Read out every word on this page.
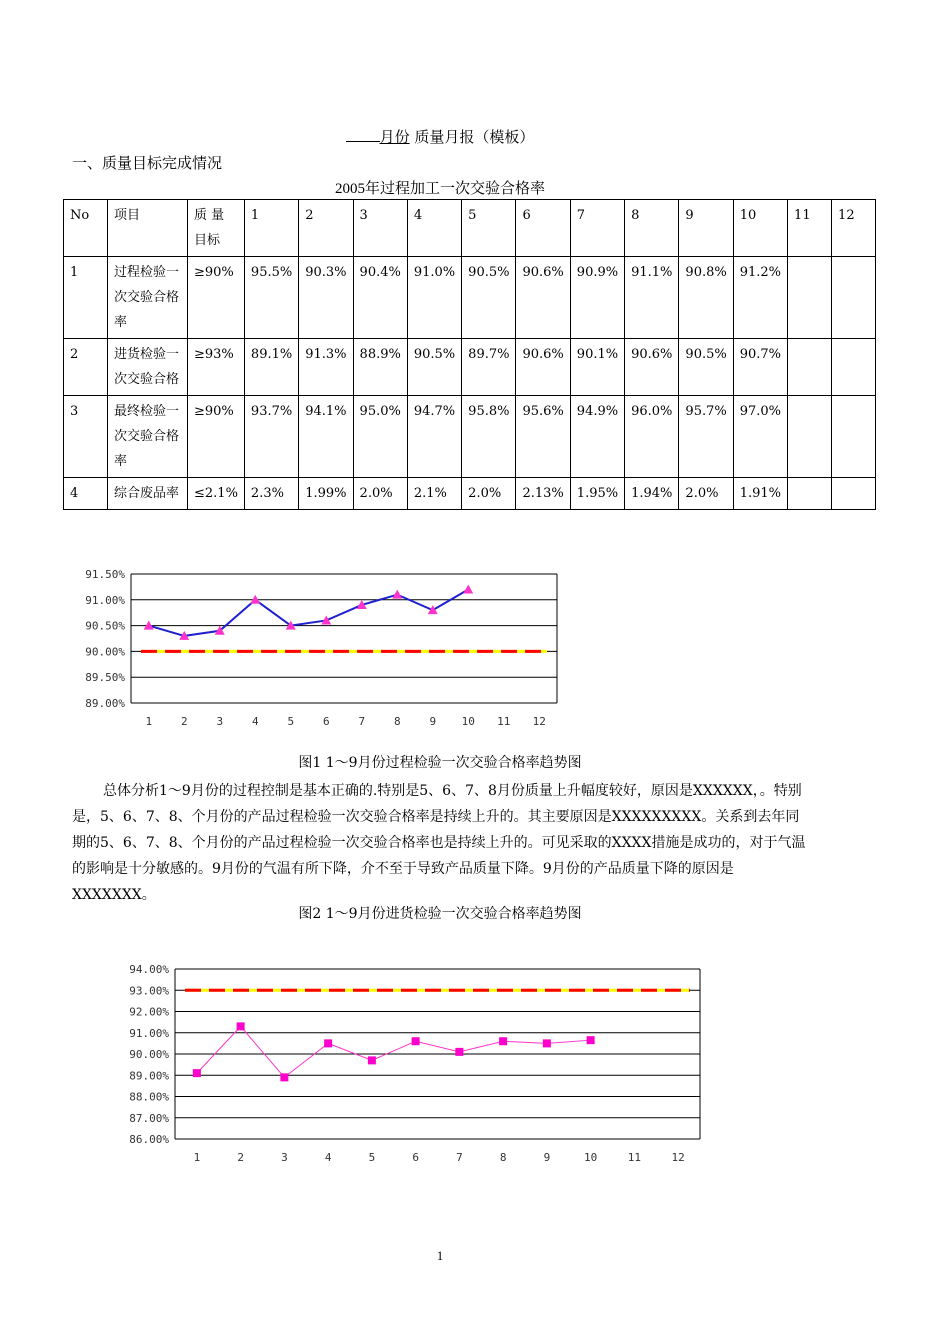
月份 质量月报（模板）
一、质量目标完成情况
2005年过程加工一次交验合格率
No	项目	质 量 目标	1	2	3	4	5	6	7	8	9	10	11	12
1	过程检验一次交验合格率	≥90%	95.5%	90.3%	90.4%	91.0%	90.5%	90.6%	90.9%	91.1%	90.8%	91.2%		
2	进货检验一次交验合格	≥93%	89.1%	91.3%	88.9%	90.5%	89.7%	90.6%	90.1%	90.6%	90.5%	90.7%		
3	最终检验一次交验合格率	≥90%	93.7%	94.1%	95.0%	94.7%	95.8%	95.6%	94.9%	96.0%	95.7%	97.0%		
4	综合废品率	≤2.1%	2.3%	1.99%	2.0%	2.1%	2.0%	2.13%	1.95%	1.94%	2.0%	1.91%		
91.50%
91.00%
90.50%
90.00%
89.50%
89.00%
1	2	3	4	5	6	7	8	9 10 11 12
图1 1～9月份过程检验一次交验合格率趋势图
总体分析1～9月份的过程控制是基本正确的.特别是5、6、7、8月份质量上升幅度较好，原因是XXXXXX，。特别是，5、6、7、8、个月份的产品过程检验一次交验合格率是持续上升的。其主要原因是XXXXXXXXX。关系到去年同期的5、6、7、8、个月份的产品过程检验一次交验合格率也是持续上升的。可见采取的XXXX措施是成功的，对于气温的影响是十分敏感的。9月份的气温有所下降，介不至于导致产品质量下降。9月份的产品质量下降的原因是XXXXXXX。
图2 1～9月份进货检验一次交验合格率趋势图
94.00%
93.00%
92.00%
91.00%
90.00%
89.00%
88.00%
87.00%
86.00%
1	2	3	4	5	6	7	8	9	10	11	12
1
